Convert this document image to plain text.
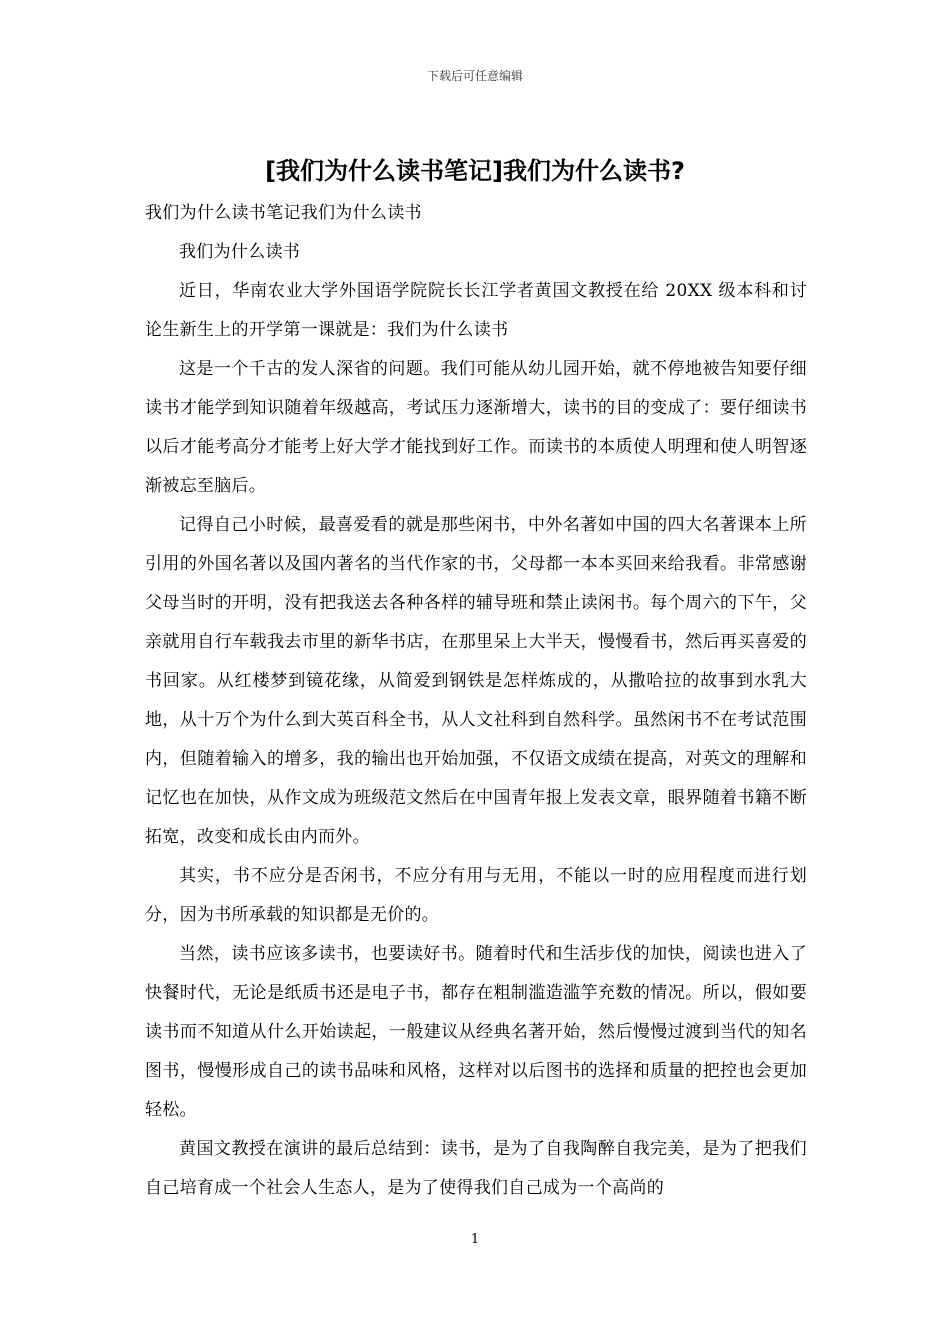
下载后可任意编辑
[我们为什么读书笔记]我们为什么读书?

我们为什么读书笔记我们为什么读书

我们为什么读书

近日，华南农业大学外国语学院院长长江学者黄国文教授在给 20XX 级本科和讨论生新生上的开学第一课就是：我们为什么读书

这是一个千古的发人深省的问题。我们可能从幼儿园开始，就不停地被告知要仔细读书才能学到知识随着年级越高，考试压力逐渐增大，读书的目的变成了：要仔细读书以后才能考高分才能考上好大学才能找到好工作。而读书的本质使人明理和使人明智逐渐被忘至脑后。

记得自己小时候，最喜爱看的就是那些闲书，中外名著如中国的四大名著课本上所引用的外国名著以及国内著名的当代作家的书，父母都一本本买回来给我看。非常感谢父母当时的开明，没有把我送去各种各样的辅导班和禁止读闲书。每个周六的下午，父亲就用自行车载我去市里的新华书店，在那里呆上大半天，慢慢看书，然后再买喜爱的书回家。从红楼梦到镜花缘，从简爱到钢铁是怎样炼成的，从撒哈拉的故事到水乳大地，从十万个为什么到大英百科全书，从人文社科到自然科学。虽然闲书不在考试范围内，但随着输入的增多，我的输出也开始加强，不仅语文成绩在提高，对英文的理解和记忆也在加快，从作文成为班级范文然后在中国青年报上发表文章，眼界随着书籍不断拓宽，改变和成长由内而外。

其实，书不应分是否闲书，不应分有用与无用，不能以一时的应用程度而进行划分，因为书所承载的知识都是无价的。

当然，读书应该多读书，也要读好书。随着时代和生活步伐的加快，阅读也进入了快餐时代，无论是纸质书还是电子书，都存在粗制滥造滥竽充数的情况。所以，假如要读书而不知道从什么开始读起，一般建议从经典名著开始，然后慢慢过渡到当代的知名图书，慢慢形成自己的读书品味和风格，这样对以后图书的选择和质量的把控也会更加轻松。

黄国文教授在演讲的最后总结到：读书，是为了自我陶醉自我完美，是为了把我们自己培育成一个社会人生态人，是为了使得我们自己成为一个高尚的

1
